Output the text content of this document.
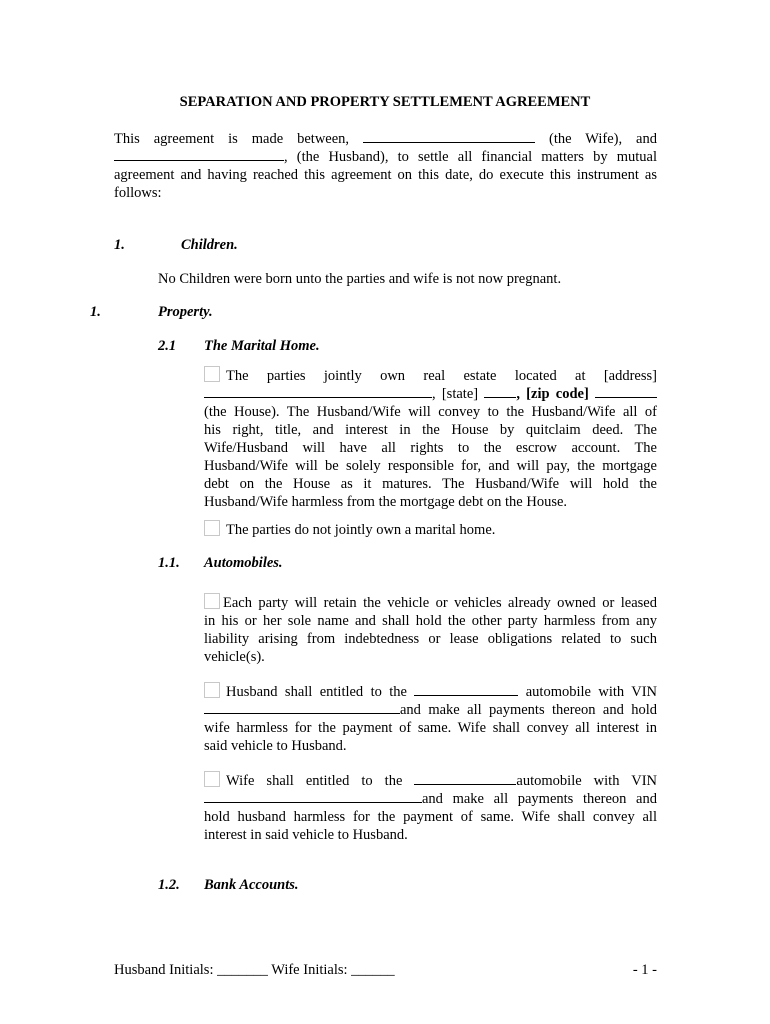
SEPARATION AND PROPERTY SETTLEMENT AGREEMENT
This agreement is made between,	(the Wife), and
, (the Husband), to settle all financial matters by mutual
agreement and having reached this agreement on this date, do execute this instrument as
follows:
1.	Children.
No Children were born unto the parties and wife is not now pregnant.
1.	Property.
2.1 The Marital Home.
The parties jointly own real estate located at [address]
, [state]	, [zip code]
(the House). The Husband/Wife will convey to the Husband/Wife all of
his right, title, and interest in the House by quitclaim deed. The
Wife/Husband will have all rights to the escrow account. The
Husband/Wife will be solely responsible for, and will pay, the mortgage
debt on the House as it matures. The Husband/Wife will hold the
Husband/Wife harmless from the mortgage debt on the House.
The parties do not jointly own a marital home.
1.1. Automobiles.
Each party will retain the vehicle or vehicles already owned or leased
in his or her sole name and shall hold the other party harmless from any
liability arising from indebtedness or lease obligations related to such
vehicle(s).
Husband shall entitled to the	automobile with VIN
and make all payments thereon and hold
wife harmless for the payment of same. Wife shall convey all interest in
said vehicle to Husband.
Wife shall entitled to the	automobile with VIN
and make all payments thereon and
hold husband harmless for the payment of same. Wife shall convey all
interest in said vehicle to Husband.
1.2. Bank Accounts.
Husband Initials: _______ Wife Initials: ______	- 1 -
